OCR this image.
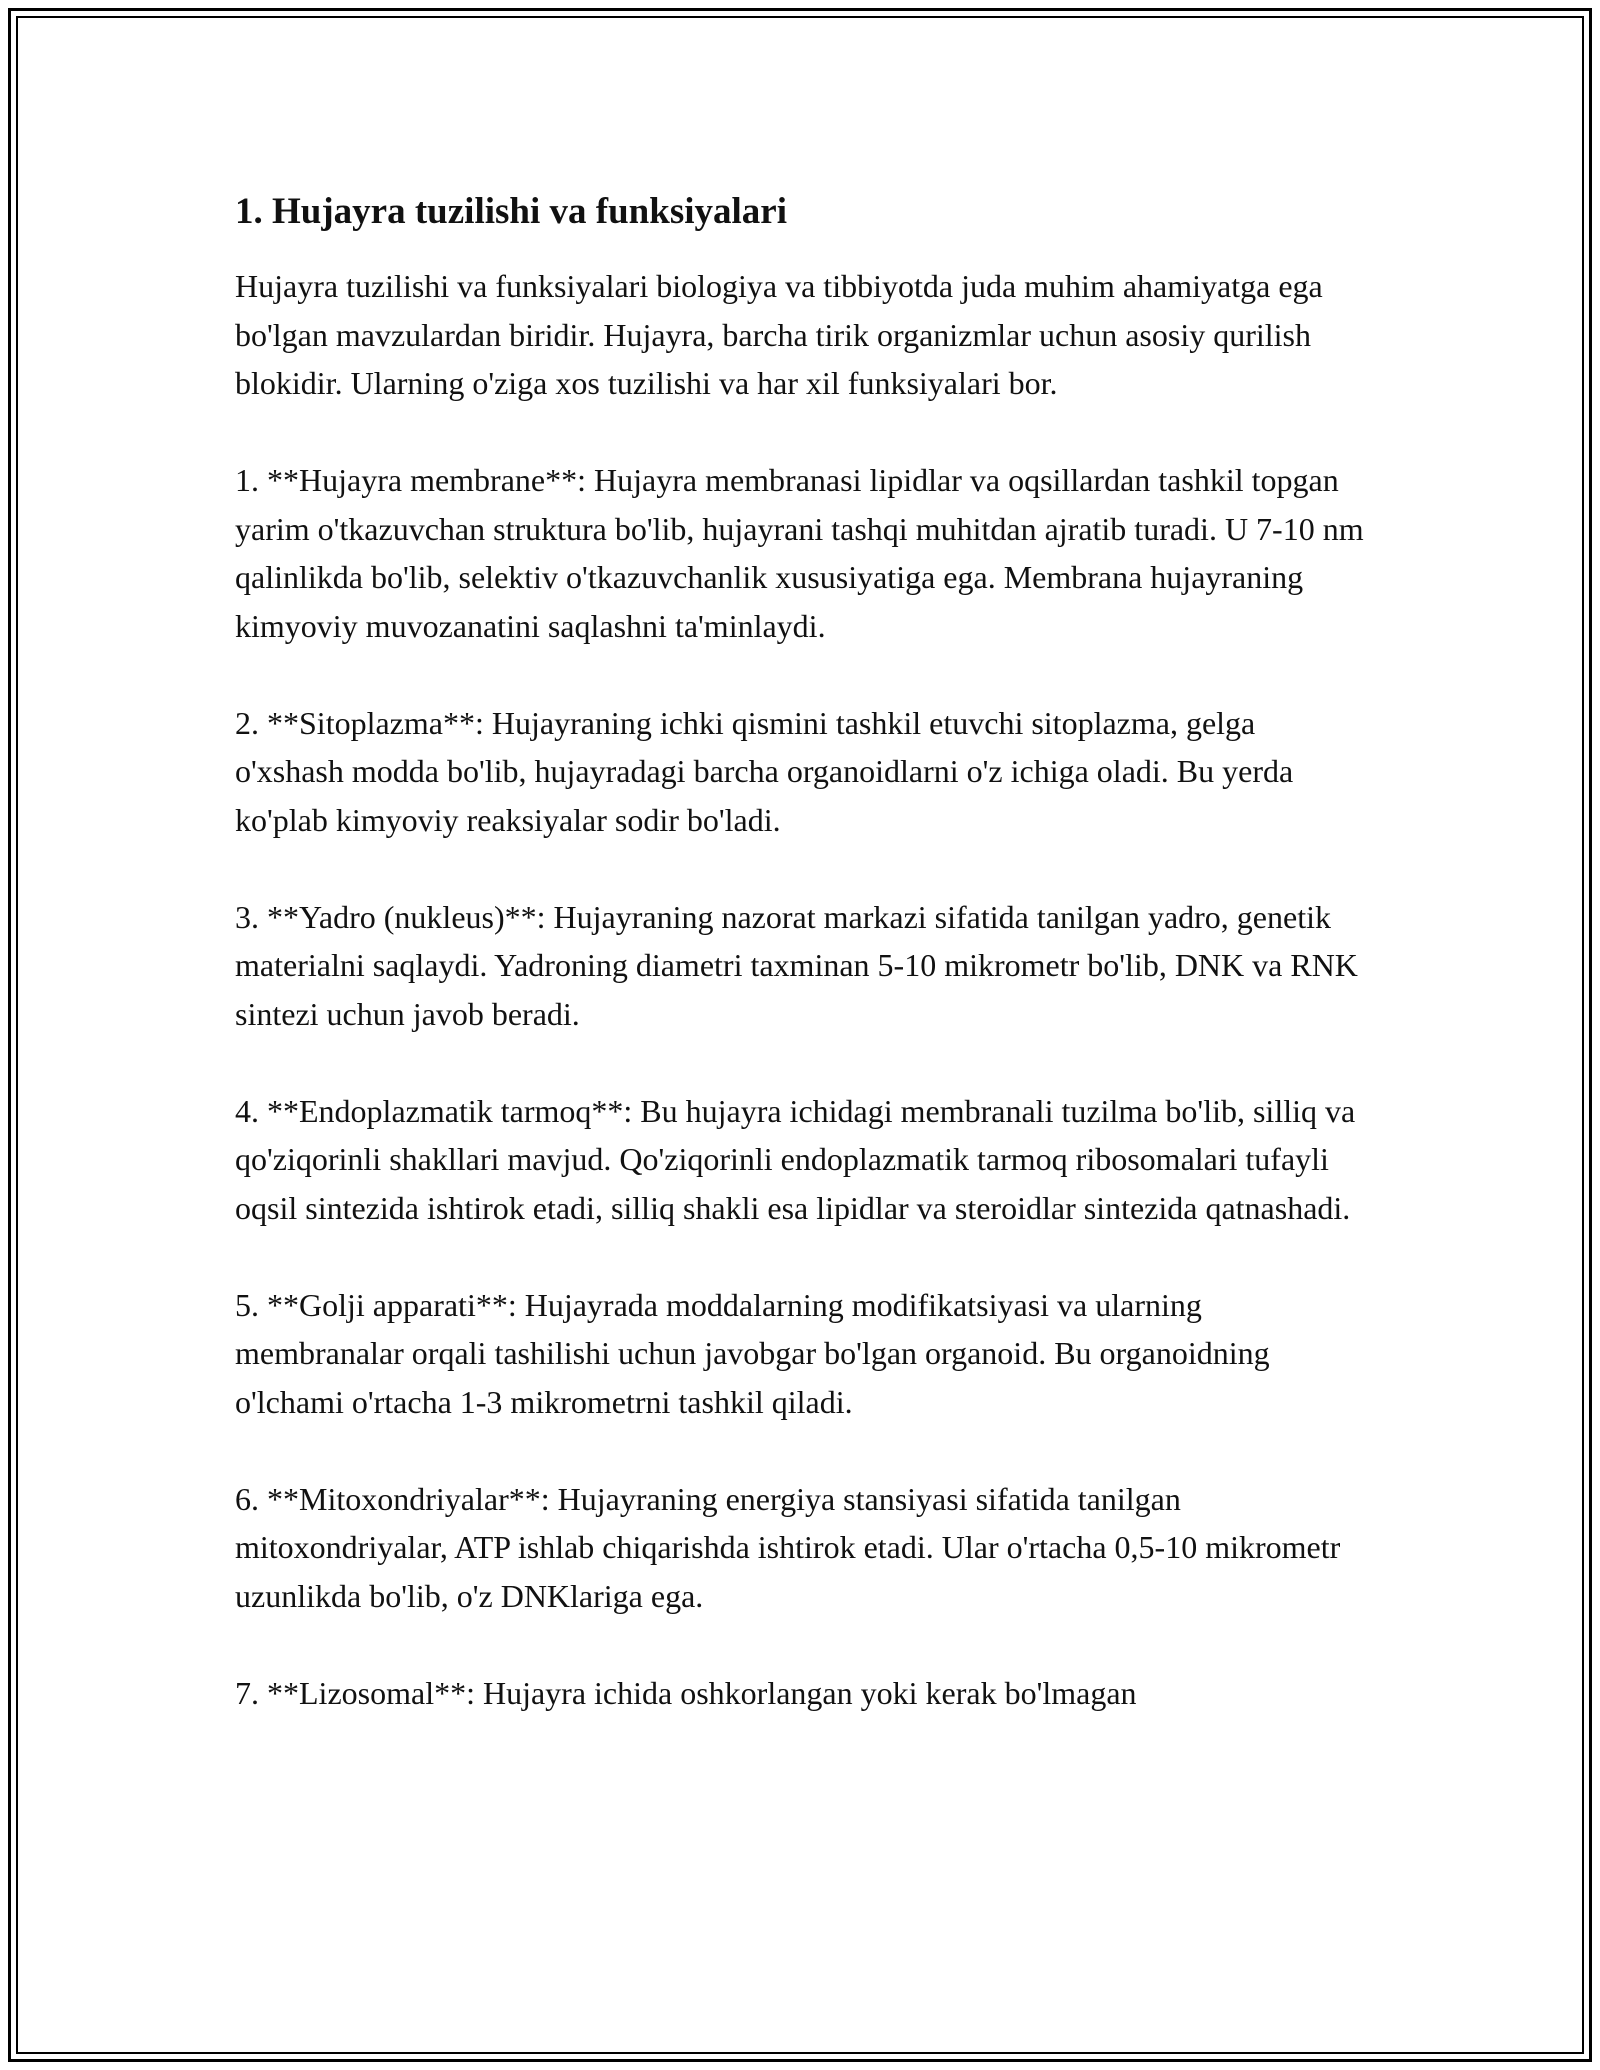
1. Hujayra tuzilishi va funksiyalari

Hujayra tuzilishi va funksiyalari biologiya va tibbiyotda juda muhim ahamiyatga ega bo'lgan mavzulardan biridir. Hujayra, barcha tirik organizmlar uchun asosiy qurilish blokidir. Ularning o'ziga xos tuzilishi va har xil funksiyalari bor.

1. **Hujayra membrane**: Hujayra membranasi lipidlar va oqsillardan tashkil topgan yarim o'tkazuvchan struktura bo'lib, hujayrani tashqi muhitdan ajratib turadi. U 7-10 nm qalinlikda bo'lib, selektiv o'tkazuvchanlik xususiyatiga ega. Membrana hujayraning kimyoviy muvozanatini saqlashni ta'minlaydi.

2. **Sitoplazma**: Hujayraning ichki qismini tashkil etuvchi sitoplazma, gelga o'xshash modda bo'lib, hujayradagi barcha organoidlarni o'z ichiga oladi. Bu yerda ko'plab kimyoviy reaksiyalar sodir bo'ladi.

3. **Yadro (nukleus)**: Hujayraning nazorat markazi sifatida tanilgan yadro, genetik materialni saqlaydi. Yadroning diametri taxminan 5-10 mikrometr bo'lib, DNK va RNK sintezi uchun javob beradi.

4. **Endoplazmatik tarmoq**: Bu hujayra ichidagi membranali tuzilma bo'lib, silliq va qo'ziqorinli shakllari mavjud. Qo'ziqorinli endoplazmatik tarmoq ribosomalari tufayli oqsil sintezida ishtirok etadi, silliq shakli esa lipidlar va steroidlar sintezida qatnashadi.

5. **Golji apparati**: Hujayrada moddalarning modifikatsiyasi va ularning membranalar orqali tashilishi uchun javobgar bo'lgan organoid. Bu organoidning o'lchami o'rtacha 1-3 mikrometrni tashkil qiladi.

6. **Mitoxondriyalar**: Hujayraning energiya stansiyasi sifatida tanilgan mitoxondriyalar, ATP ishlab chiqarishda ishtirok etadi. Ular o'rtacha 0,5-10 mikrometr uzunlikda bo'lib, o'z DNKlariga ega.

7. **Lizosomal**: Hujayra ichida oshkorlangan yoki kerak bo'lmagan
